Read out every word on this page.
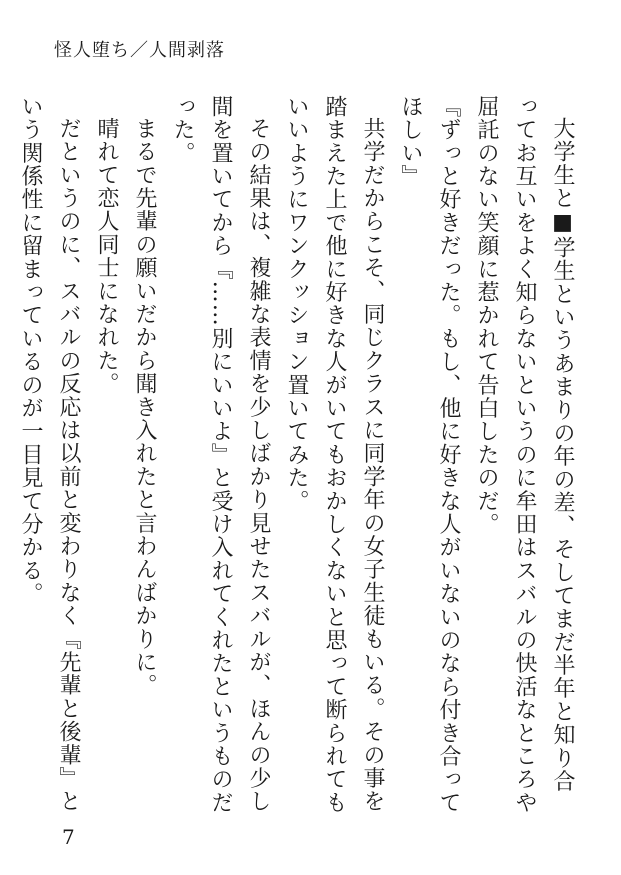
怪人堕ち／人間剥落

大学生と■学生というあまりの年の差、そしてまだ半年と知り合ってお互いをよく知らないというのに牟田はスバルの快活なところや屈託のない笑顔に惹かれて告白したのだ。

『ずっと好きだった。もし、他に好きな人がいないのなら付き合ってほしい』

共学だからこそ、同じクラスに同学年の女子生徒もいる。その事を踏まえた上で他に好きな人がいてもおかしくないと思って断られてもいいようにワンクッション置いてみた。

その結果は、複雑な表情を少しばかり見せたスバルが、ほんの少し間を置いてから『……別にいいよ』と受け入れてくれたというものだった。

まるで先輩の願いだから聞き入れたと言わんばかりに。

晴れて恋人同士になれた。

だというのに、スバルの反応は以前と変わりなく『先輩と後輩』という関係性に留まっているのが一目見て分かる。

7
